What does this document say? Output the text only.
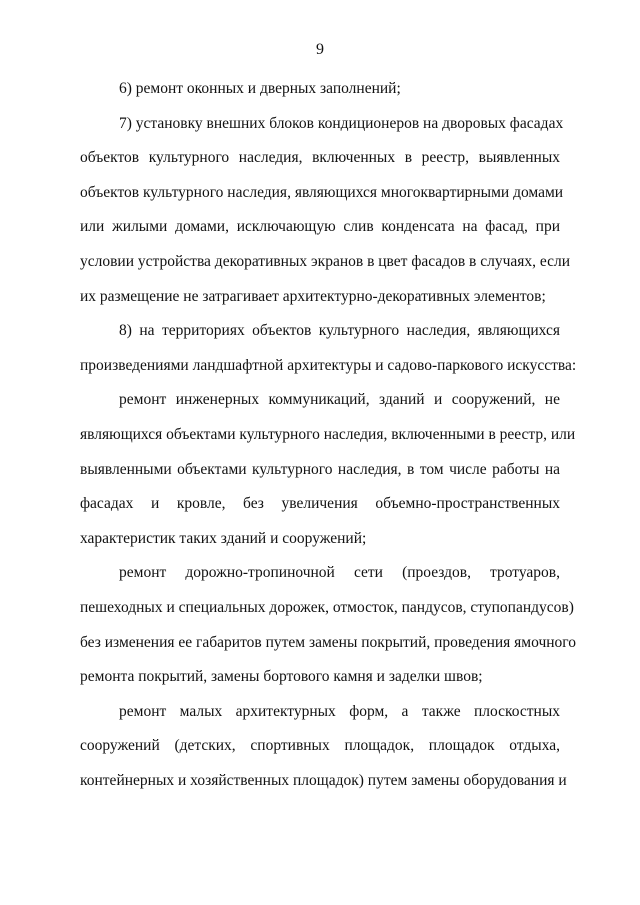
9
6) ремонт оконных и дверных заполнений;
7) установку внешних блоков кондиционеров на дворовых фасадах
объектов культурного наследия, включенных в реестр, выявленных
объектов культурного наследия, являющихся многоквартирными домами
или жилыми домами, исключающую слив конденсата на фасад, при
условии устройства декоративных экранов в цвет фасадов в случаях, если
их размещение не затрагивает архитектурно-декоративных элементов;
8) на территориях объектов культурного наследия, являющихся
произведениями ландшафтной архитектуры и садово-паркового искусства:
ремонт инженерных коммуникаций, зданий и сооружений, не
являющихся объектами культурного наследия, включенными в реестр, или
выявленными объектами культурного наследия, в том числе работы на
фасадах и кровле, без увеличения объемно-пространственных
характеристик таких зданий и сооружений;
ремонт дорожно-тропиночной сети (проездов, тротуаров,
пешеходных и специальных дорожек, отмосток, пандусов, ступопандусов)
без изменения ее габаритов путем замены покрытий, проведения ямочного
ремонта покрытий, замены бортового камня и заделки швов;
ремонт малых архитектурных форм, а также плоскостных
сооружений (детских, спортивных площадок, площадок отдыха,
контейнерных и хозяйственных площадок) путем замены оборудования и
